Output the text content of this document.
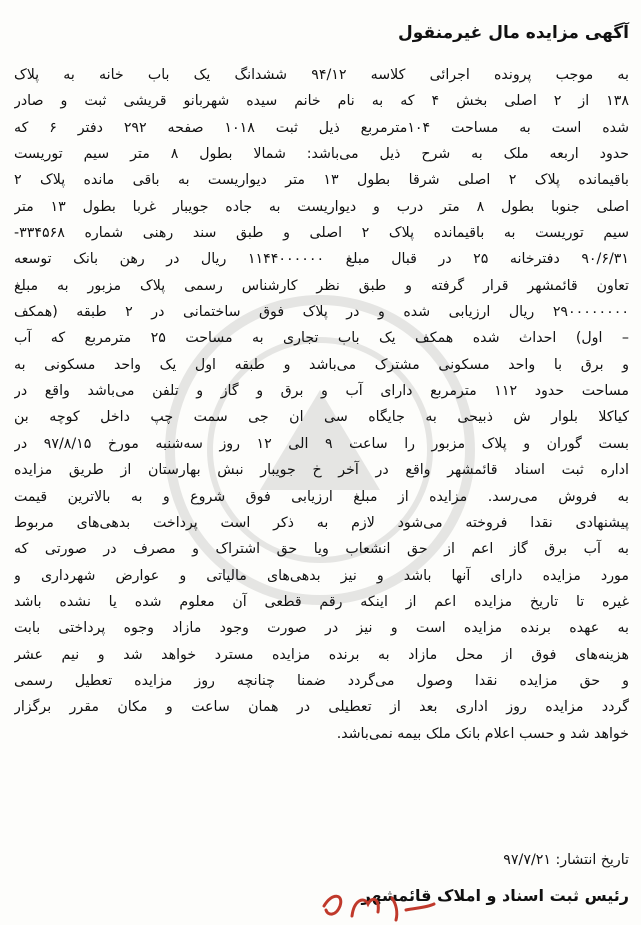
آگهی مزایده مال غیرمنقول
به موجب پرونده اجرائی کلاسه ۹۴/۱۲ ششدانگ یک باب خانه به پلاک
۱۳۸ از ۲ اصلی بخش ۴ که به نام خانم سیده شهربانو قریشی ثبت و صادر
شده است به مساحت ۱۰۴مترمربع ذیل ثبت ۱۰۱۸ صفحه ۲۹۲ دفتر ۶ که
حدود اربعه ملک به شرح ذیل می‌باشد: شمالا بطول ۸ متر سیم توریست
باقیمانده پلاک ۲ اصلی شرقا بطول ۱۳ متر دیواریست به باقی مانده پلاک ۲
اصلی جنوبا بطول ۸ متر درب و دیواریست به جاده جویبار غربا بطول ۱۳ متر
سیم توریست به باقیمانده پلاک ۲ اصلی و طبق سند رهنی شماره ۳۳۴۵۶۸-
۹۰/۶/۳۱ دفترخانه ۲۵ در قبال مبلغ ۱۱۴۴۰۰۰۰۰۰ ریال در رهن بانک توسعه
تعاون قائمشهر قرار گرفته و طبق نظر کارشناس رسمی پلاک مزبور به مبلغ
۲۹۰۰۰۰۰۰۰۰ ریال ارزیابی شده و در پلاک فوق ساختمانی در ۲ طبقه (همکف
– اول) احداث شده همکف یک باب تجاری به مساحت ۲۵ مترمربع که آب
و برق با واحد مسکونی مشترک می‌باشد و طبقه اول یک واحد مسکونی به
مساحت حدود ۱۱۲ مترمربع دارای آب و برق و گاز و تلفن می‌باشد واقع در
کیاکلا بلوار ش ذبیحی به جایگاه سی ان جی سمت چپ داخل کوچه بن
بست گوران و پلاک مزبور را ساعت ۹ الی ۱۲ روز سه‌شنبه مورخ ۹۷/۸/۱۵ در
اداره ثبت اسناد قائمشهر واقع در آخر خ جویبار نبش بهارستان از طریق مزایده
به فروش می‌رسد. مزایده از مبلغ ارزیابی فوق شروع و به بالاترین قیمت
پیشنهادی نقدا فروخته می‌شود لازم به ذکر است پرداخت بدهی‌های مربوط
به آب برق گاز اعم از حق انشعاب ویا حق اشتراک و مصرف در صورتی که
مورد مزایده دارای آنها باشد و نیز بدهی‌های مالیاتی و عوارض شهرداری و
غیره تا تاریخ مزایده اعم از اینکه رقم قطعی آن معلوم شده یا نشده باشد
به عهده برنده مزایده است و نیز در صورت وجود مازاد وجوه پرداختی بابت
هزینه‌های فوق از محل مازاد به برنده مزایده مسترد خواهد شد و نیم عشر
و حق مزایده نقدا وصول می‌گردد ضمنا چنانچه روز مزایده تعطیل رسمی
گردد مزایده روز اداری بعد از تعطیلی در همان ساعت و مکان مقرر برگزار
خواهد شد و حسب اعلام بانک ملک بیمه نمی‌باشد.
تاریخ انتشار: ۹۷/۷/۲۱
رئیس ثبت اسناد و املاک قائمشهر
